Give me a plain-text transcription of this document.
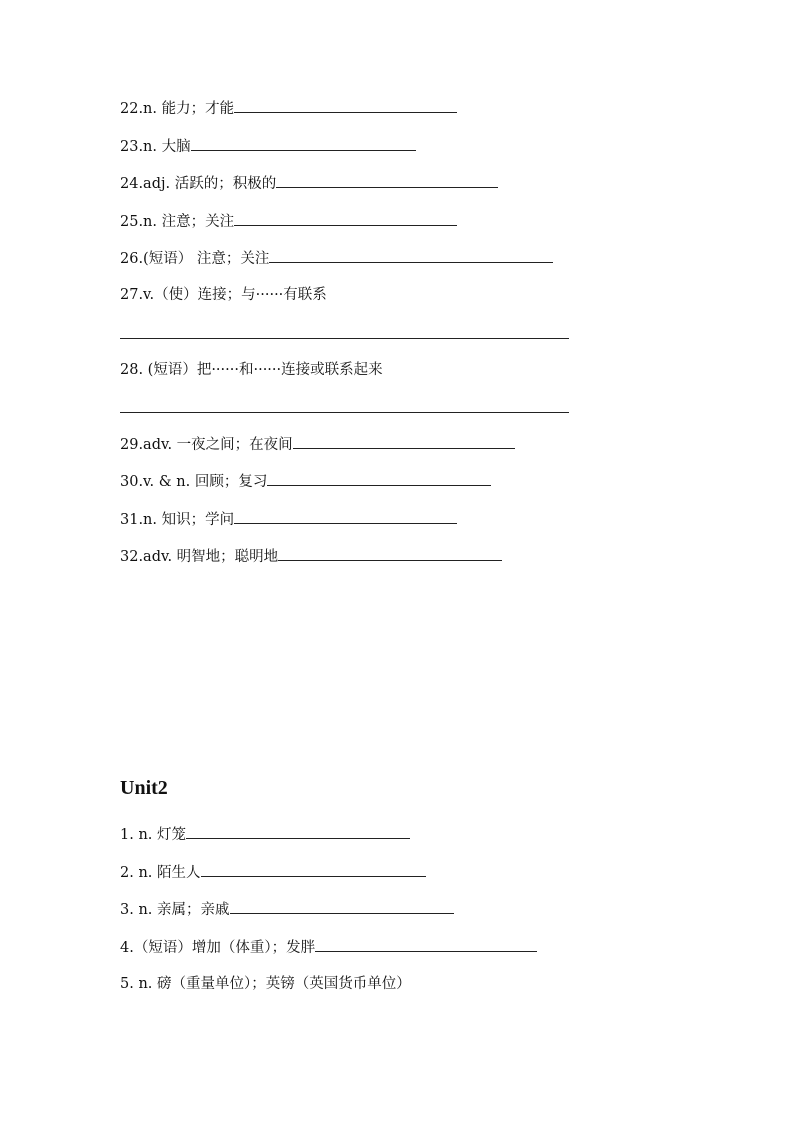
22.n. 能力；才能
23.n. 大脑
24.adj. 活跃的；积极的
25.n. 注意；关注
26.(短语） 注意；关注
27.v.（使）连接；与······有联系
28. (短语）把······和······连接或联系起来
29.adv. 一夜之间；在夜间
30.v. & n. 回顾；复习
31.n. 知识；学问
32.adv. 明智地；聪明地
Unit2
1. n. 灯笼
2. n. 陌生人
3. n. 亲属；亲戚
4.（短语）增加（体重）；发胖
5. n. 磅（重量单位）；英镑（英国货币单位）
